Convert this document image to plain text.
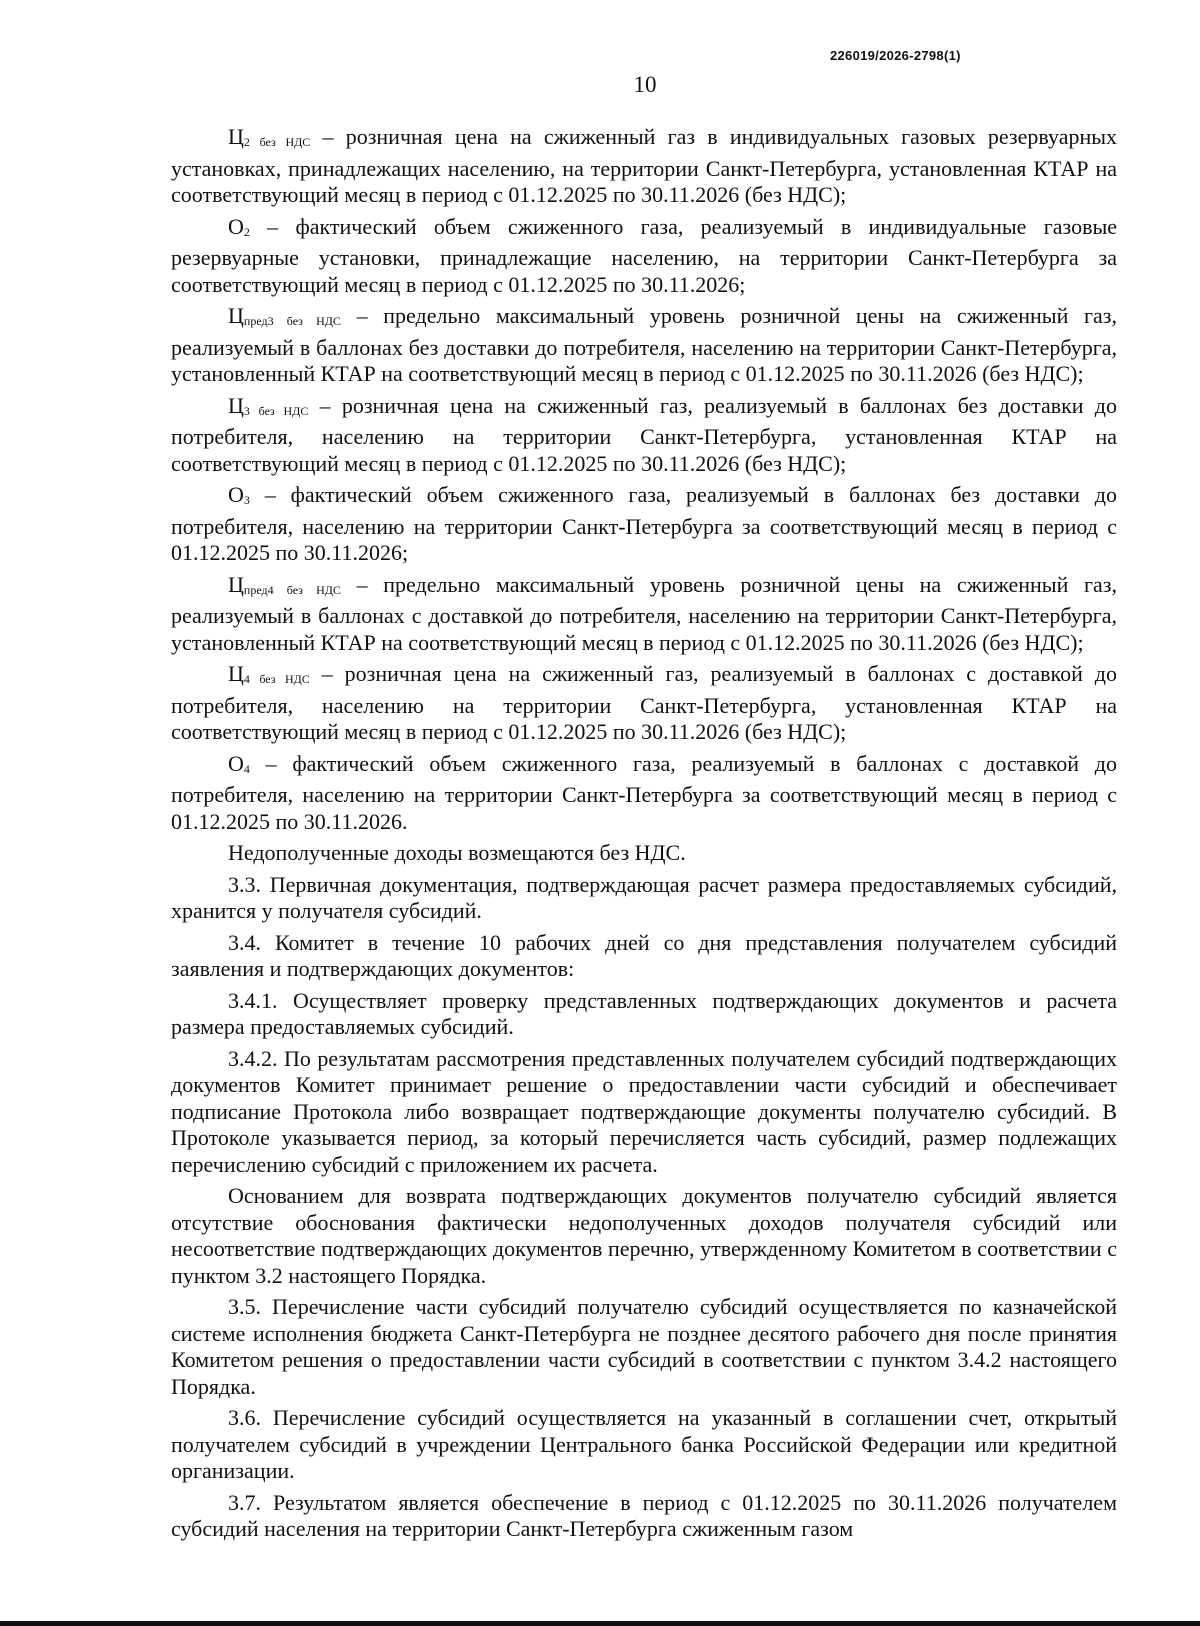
226019/2026-2798(1)
10

Ц2 без НДС – розничная цена на сжиженный газ в индивидуальных газовых резервуарных установках, принадлежащих населению, на территории Санкт-Петербурга, установленная КТАР на соответствующий месяц в период с 01.12.2025 по 30.11.2026 (без НДС);

О2 – фактический объем сжиженного газа, реализуемый в индивидуальные газовые резервуарные установки, принадлежащие населению, на территории Санкт-Петербурга за соответствующий месяц в период с 01.12.2025 по 30.11.2026;

Цпред3 без НДС – предельно максимальный уровень розничной цены на сжиженный газ, реализуемый в баллонах без доставки до потребителя, населению на территории Санкт-Петербурга, установленный КТАР на соответствующий месяц в период с 01.12.2025 по 30.11.2026 (без НДС);

Ц3 без НДС – розничная цена на сжиженный газ, реализуемый в баллонах без доставки до потребителя, населению на территории Санкт-Петербурга, установленная КТАР на соответствующий месяц в период с 01.12.2025 по 30.11.2026 (без НДС);

О3 – фактический объем сжиженного газа, реализуемый в баллонах без доставки до потребителя, населению на территории Санкт-Петербурга за соответствующий месяц в период с 01.12.2025 по 30.11.2026;

Цпред4 без НДС – предельно максимальный уровень розничной цены на сжиженный газ, реализуемый в баллонах с доставкой до потребителя, населению на территории Санкт-Петербурга, установленный КТАР на соответствующий месяц в период с 01.12.2025 по 30.11.2026 (без НДС);

Ц4 без НДС – розничная цена на сжиженный газ, реализуемый в баллонах с доставкой до потребителя, населению на территории Санкт-Петербурга, установленная КТАР на соответствующий месяц в период с 01.12.2025 по 30.11.2026 (без НДС);

О4 – фактический объем сжиженного газа, реализуемый в баллонах с доставкой до потребителя, населению на территории Санкт-Петербурга за соответствующий месяц в период с 01.12.2025 по 30.11.2026.

Недополученные доходы возмещаются без НДС.

3.3. Первичная документация, подтверждающая расчет размера предоставляемых субсидий, хранится у получателя субсидий.

3.4. Комитет в течение 10 рабочих дней со дня представления получателем субсидий заявления и подтверждающих документов:

3.4.1. Осуществляет проверку представленных подтверждающих документов и расчета размера предоставляемых субсидий.

3.4.2. По результатам рассмотрения представленных получателем субсидий подтверждающих документов Комитет принимает решение о предоставлении части субсидий и обеспечивает подписание Протокола либо возвращает подтверждающие документы получателю субсидий. В Протоколе указывается период, за который перечисляется часть субсидий, размер подлежащих перечислению субсидий с приложением их расчета.

Основанием для возврата подтверждающих документов получателю субсидий является отсутствие обоснования фактически недополученных доходов получателя субсидий или несоответствие подтверждающих документов перечню, утвержденному Комитетом в соответствии с пунктом 3.2 настоящего Порядка.

3.5. Перечисление части субсидий получателю субсидий осуществляется по казначейской системе исполнения бюджета Санкт-Петербурга не позднее десятого рабочего дня после принятия Комитетом решения о предоставлении части субсидий в соответствии с пунктом 3.4.2 настоящего Порядка.

3.6. Перечисление субсидий осуществляется на указанный в соглашении счет, открытый получателем субсидий в учреждении Центрального банка Российской Федерации или кредитной организации.

3.7. Результатом является обеспечение в период с 01.12.2025 по 30.11.2026 получателем субсидий населения на территории Санкт-Петербурга сжиженным газом
